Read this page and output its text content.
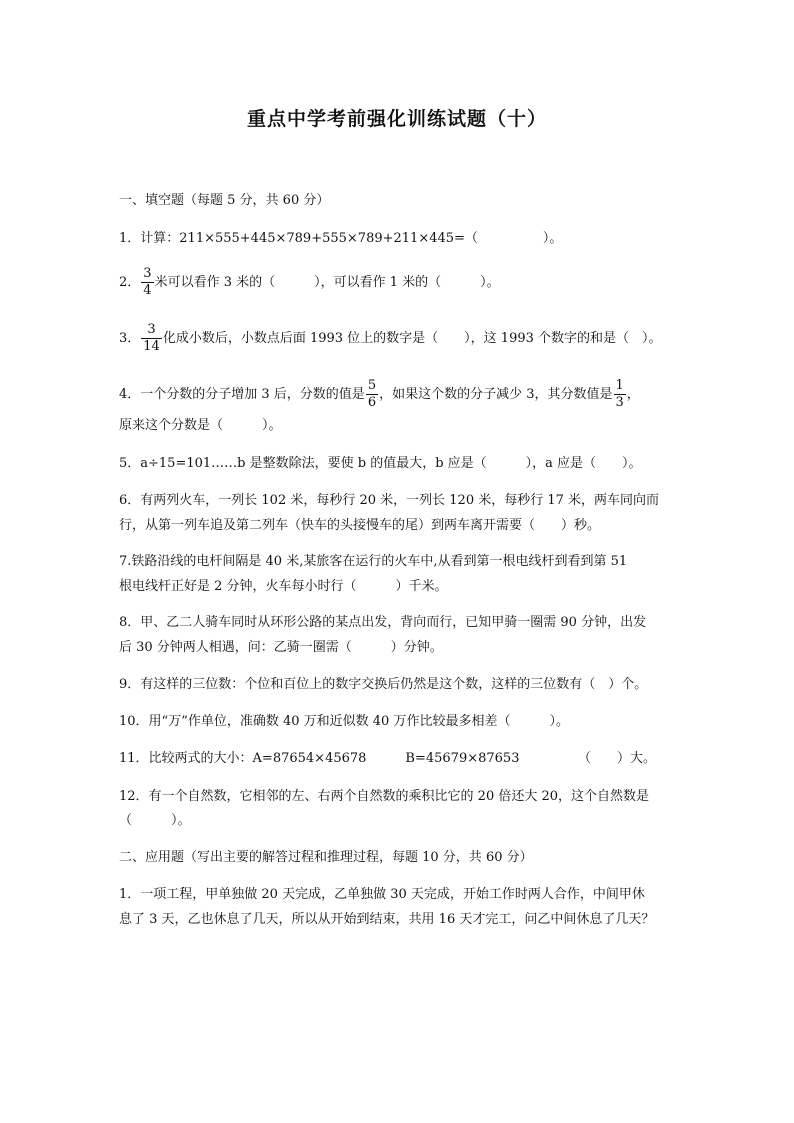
重点中学考前强化训练试题（十）
一、填空题（每题 5 分，共 60 分）
1．计算：211×555+445×789+555×789+211×445=（　　　　　）。
2． $\frac{3}{4}$ 米可以看作 3 米的（　　　），可以看作 1 米的（　　　）。
3． $\frac{3}{14}$ 化成小数后，小数点后面 1993 位上的数字是（　　），这 1993 个数字的和是（　）。
4．一个分数的分子增加 3 后，分数的值是 $\frac{5}{6}$ ，如果这个数的分子减少 3，其分数值是 $\frac{1}{3}$ ，
原来这个分数是（　　　）。
5．a÷15=101……b 是整数除法，要使 b 的值最大，b 应是（　　　），a 应是（　　）。
6．有两列火车，一列长 102 米，每秒行 20 米，一列长 120 米，每秒行 17 米，两车同向而
行，从第一列车追及第二列车（快车的头接慢车的尾）到两车离开需要（　　）秒。
7.铁路沿线的电杆间隔是 40 米,某旅客在运行的火车中,从看到第一根电线杆到看到第 51
根电线杆正好是 2 分钟，火车每小时行（　　　）千米。
8．甲、乙二人骑车同时从环形公路的某点出发，背向而行，已知甲骑一圈需 90 分钟，出发
后 30 分钟两人相遇，问：乙骑一圈需（　　　）分钟。
9．有这样的三位数：个位和百位上的数字交换后仍然是这个数，这样的三位数有（　）个。
10．用“万”作单位，准确数 40 万和近似数 40 万作比较最多相差（　　　）。
11．比较两式的大小：A=87654×45678　　　B=45679×87653　　　　　（　　）大。
12．有一个自然数，它相邻的左、右两个自然数的乘积比它的 20 倍还大 20，这个自然数是
（　　　）。
二、应用题（写出主要的解答过程和推理过程，每题 10 分，共 60 分）
1．一项工程，甲单独做 20 天完成，乙单独做 30 天完成，开始工作时两人合作，中间甲休
息了 3 天，乙也休息了几天，所以从开始到结束，共用 16 天才完工，问乙中间休息了几天？
